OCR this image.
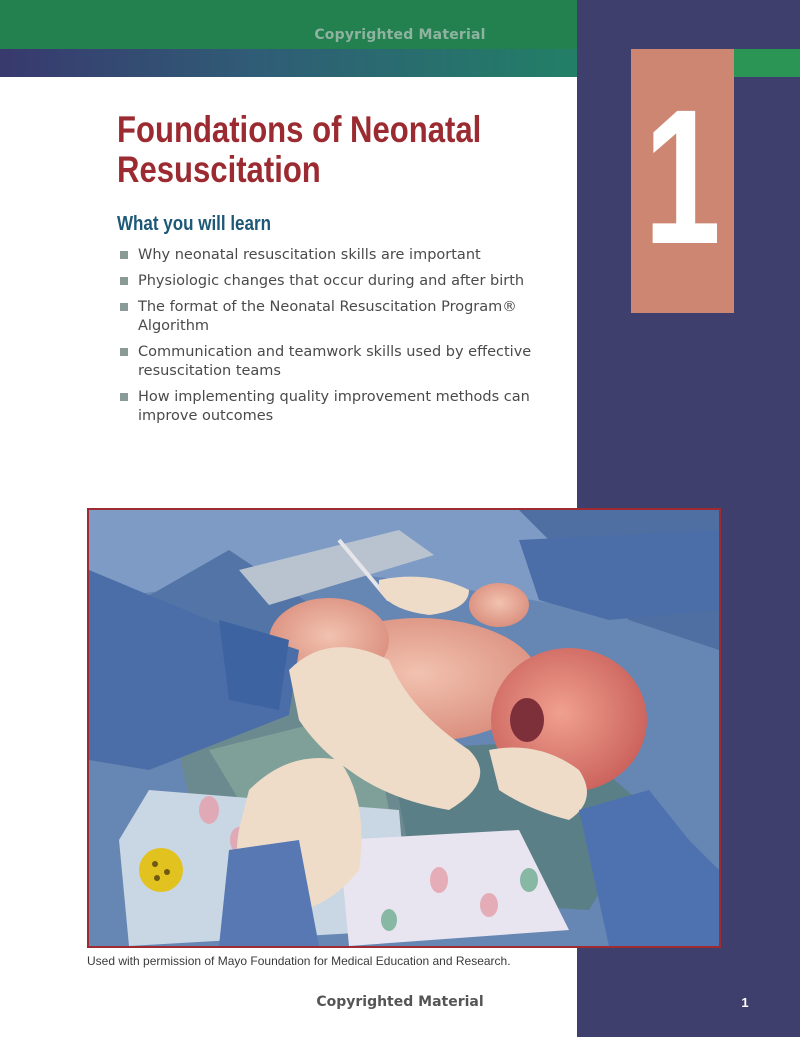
Copyrighted Material
1
Foundations of Neonatal
Resuscitation
What you will learn
Why neonatal resuscitation skills are important
Physiologic changes that occur during and after birth
The format of the Neonatal Resuscitation Program®
Algorithm
Communication and teamwork skills used by effective
resuscitation teams
How implementing quality improvement methods can
improve outcomes

Used with permission of Mayo Foundation for Medical Education and Research.

Copyrighted Material	1
